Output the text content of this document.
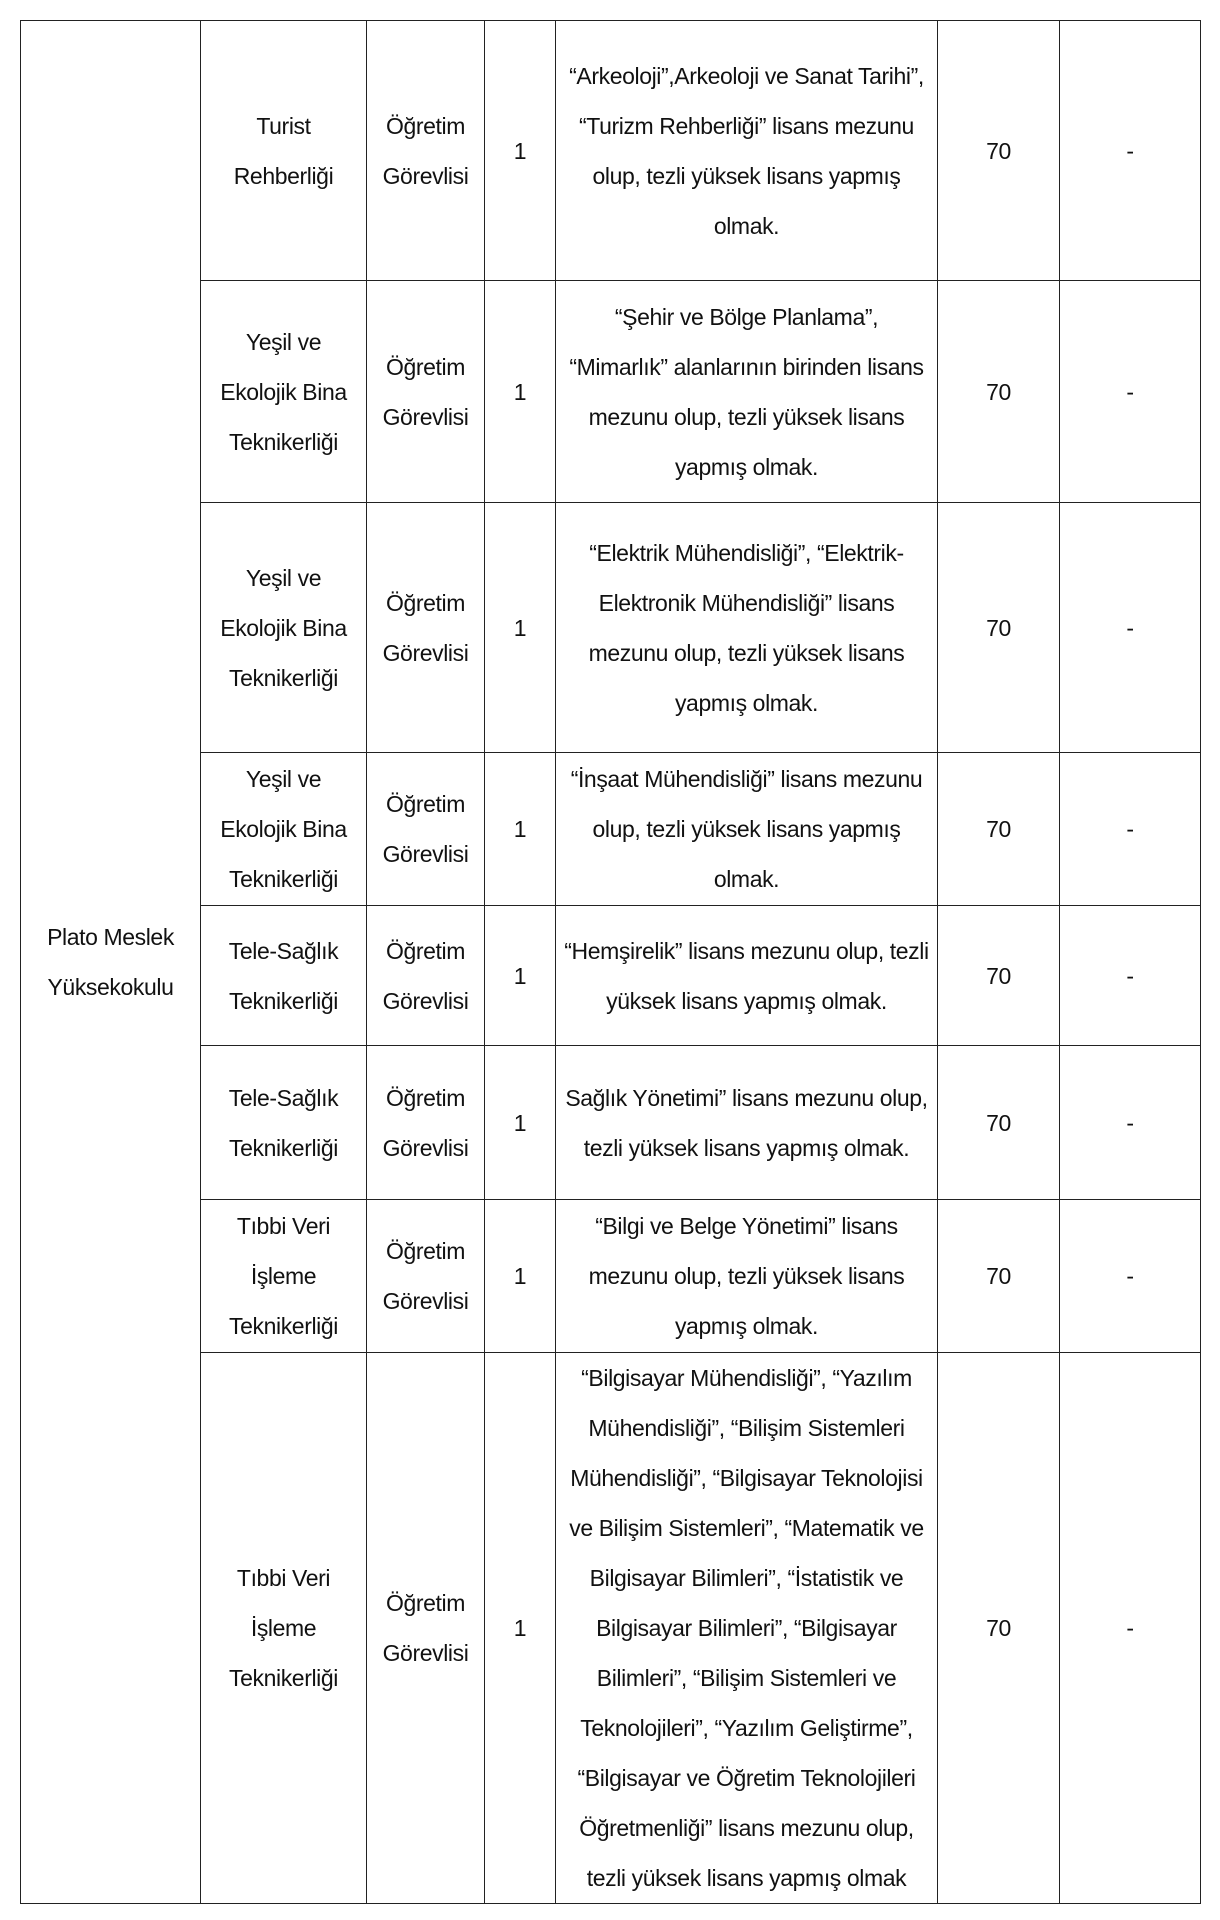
Plato Meslek Yüksekokulu	Turist Rehberliği	Öğretim Görevlisi	1	“Arkeoloji”,Arkeoloji ve Sanat Tarihi”, “Turizm Rehberliği” lisans mezunu olup, tezli yüksek lisans yapmış olmak.	70	-

	Yeşil ve Ekolojik Bina Teknikerliği	Öğretim Görevlisi	1	“Şehir ve Bölge Planlama”, “Mimarlık” alanlarının birinden lisans mezunu olup, tezli yüksek lisans yapmış olmak.	70	-

	Yeşil ve Ekolojik Bina Teknikerliği	Öğretim Görevlisi	1	“Elektrik Mühendisliği”, “Elektrik-Elektronik Mühendisliği” lisans mezunu olup, tezli yüksek lisans yapmış olmak.	70	-

	Yeşil ve Ekolojik Bina Teknikerliği	Öğretim Görevlisi	1	“İnşaat Mühendisliği” lisans mezunu olup, tezli yüksek lisans yapmış olmak.	70	-

	Tele-Sağlık Teknikerliği	Öğretim Görevlisi	1	“Hemşirelik” lisans mezunu olup, tezli yüksek lisans yapmış olmak.	70	-

	Tele-Sağlık Teknikerliği	Öğretim Görevlisi	1	Sağlık Yönetimi” lisans mezunu olup, tezli yüksek lisans yapmış olmak.	70	-

	Tıbbi Veri İşleme Teknikerliği	Öğretim Görevlisi	1	“Bilgi ve Belge Yönetimi” lisans mezunu olup, tezli yüksek lisans yapmış olmak.	70	-

	Tıbbi Veri İşleme Teknikerliği	Öğretim Görevlisi	1	“Bilgisayar Mühendisliği”, “Yazılım Mühendisliği”, “Bilişim Sistemleri Mühendisliği”, “Bilgisayar Teknolojisi ve Bilişim Sistemleri”, “Matematik ve Bilgisayar Bilimleri”, “İstatistik ve Bilgisayar Bilimleri”, “Bilgisayar Bilimleri”, “Bilişim Sistemleri ve Teknolojileri”, “Yazılım Geliştirme”, “Bilgisayar ve Öğretim Teknolojileri Öğretmenliği” lisans mezunu olup, tezli yüksek lisans yapmış olmak	70	-
